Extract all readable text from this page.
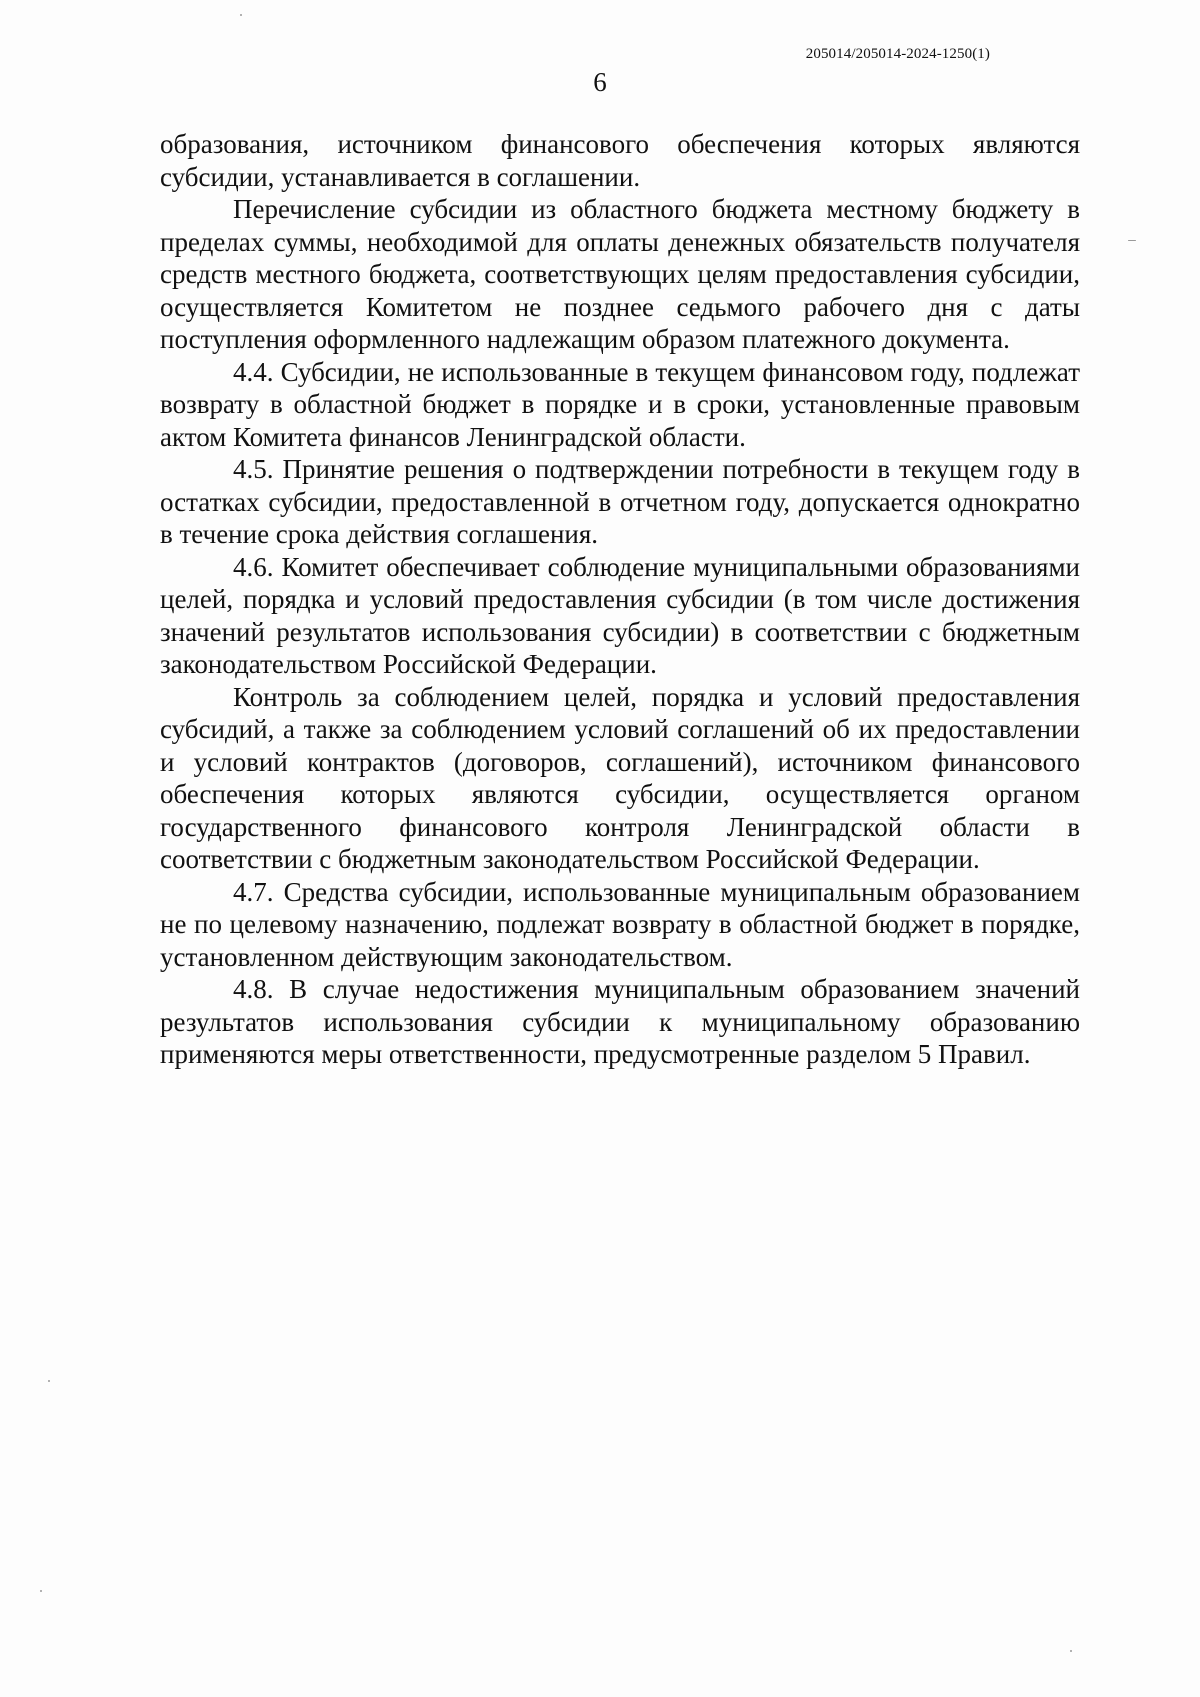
205014/205014-2024-1250(1)
6

образования, источником финансового обеспечения которых являются субсидии, устанавливается в соглашении.

Перечисление субсидии из областного бюджета местному бюджету в пределах суммы, необходимой для оплаты денежных обязательств получателя средств местного бюджета, соответствующих целям предоставления субсидии, осуществляется Комитетом не позднее седьмого рабочего дня с даты поступления оформленного надлежащим образом платежного документа.

4.4. Субсидии, не использованные в текущем финансовом году, подлежат возврату в областной бюджет в порядке и в сроки, установленные правовым актом Комитета финансов Ленинградской области.

4.5. Принятие решения о подтверждении потребности в текущем году в остатках субсидии, предоставленной в отчетном году, допускается однократно в течение срока действия соглашения.

4.6. Комитет обеспечивает соблюдение муниципальными образованиями целей, порядка и условий предоставления субсидии (в том числе достижения значений результатов использования субсидии) в соответствии с бюджетным законодательством Российской Федерации.

Контроль за соблюдением целей, порядка и условий предоставления субсидий, а также за соблюдением условий соглашений об их предоставлении и условий контрактов (договоров, соглашений), источником финансового обеспечения которых являются субсидии, осуществляется органом государственного финансового контроля Ленинградской области в соответствии с бюджетным законодательством Российской Федерации.

4.7. Средства субсидии, использованные муниципальным образованием не по целевому назначению, подлежат возврату в областной бюджет в порядке, установленном действующим законодательством.

4.8. В случае недостижения муниципальным образованием значений результатов использования субсидии к муниципальному образованию применяются меры ответственности, предусмотренные разделом 5 Правил.
